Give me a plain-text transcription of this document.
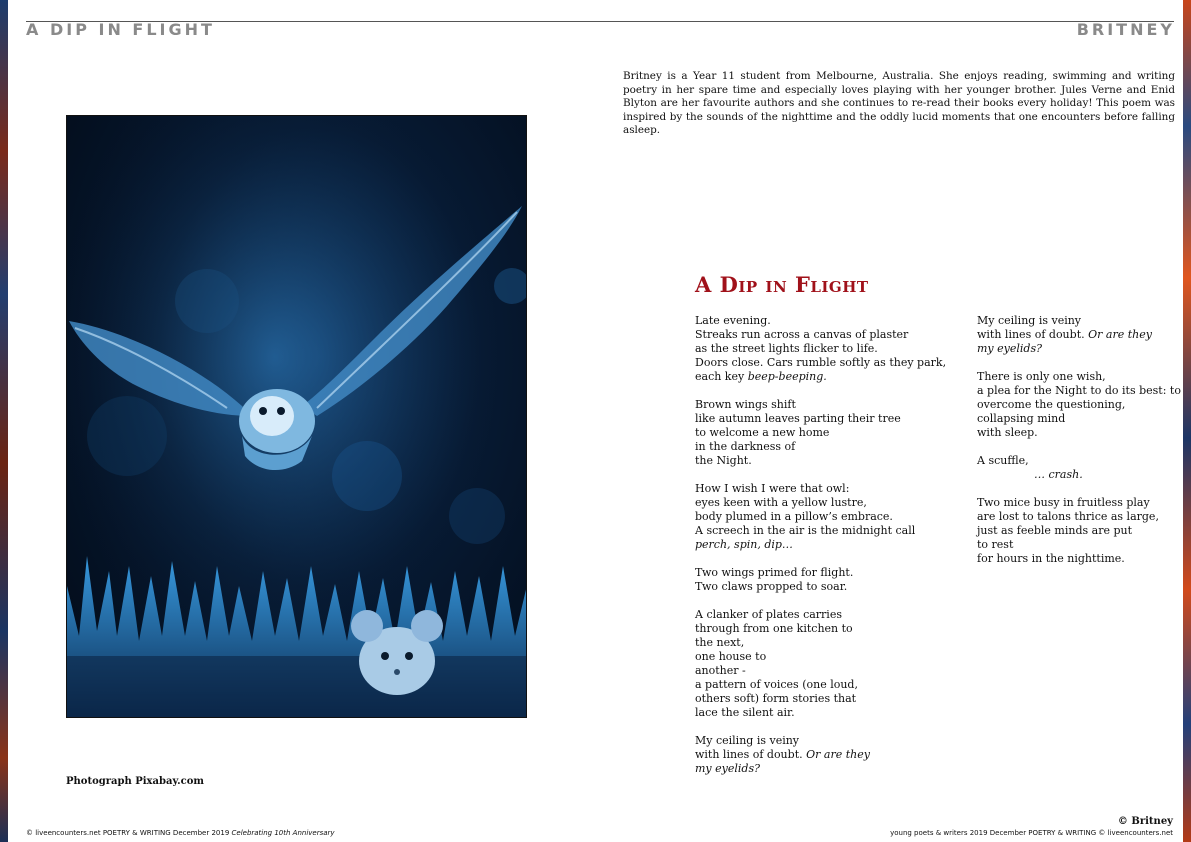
A DIP IN FLIGHT	BRITNEY

Britney is a Year 11 student from Melbourne, Australia. She enjoys reading, swimming and writing poetry in her spare time and especially loves playing with her younger brother. Jules Verne and Enid Blyton are her favourite authors and she continues to re-read their books every holiday! This poem was inspired by the sounds of the nighttime and the oddly lucid moments that one encounters before falling asleep.

Photograph Pixabay.com
A Dip in Flight
Late evening.
Streaks run across a canvas of plaster
as the street lights flicker to life.
Doors close. Cars rumble softly as they park,
each key beep-beeping.
Brown wings shift
like autumn leaves parting their tree
to welcome a new home
in the darkness of
the Night.
How I wish I were that owl:
eyes keen with a yellow lustre,
body plumed in a pillow’s embrace.
A screech in the air is the midnight call
perch, spin, dip…
Two wings primed for flight.
Two claws propped to soar.
A clanker of plates carries
through from one kitchen to
the next,
one house to
another -
a pattern of voices (one loud,
others soft) form stories that
lace the silent air.
My ceiling is veiny
with lines of doubt. Or are they
my eyelids?
My ceiling is veiny
with lines of doubt. Or are they
my eyelids?
There is only one wish,
a plea for the Night to do its best: to
overcome the questioning,
collapsing mind
with sleep.
A scuffle,
… crash.
Two mice busy in fruitless play
are lost to talons thrice as large,
just as feeble minds are put
to rest
for hours in the nighttime.
© Britney
© liveencounters.net POETRY & WRITING December 2019 Celebrating 10th Anniversary	young poets & writers 2019 December POETRY & WRITING © liveencounters.net
